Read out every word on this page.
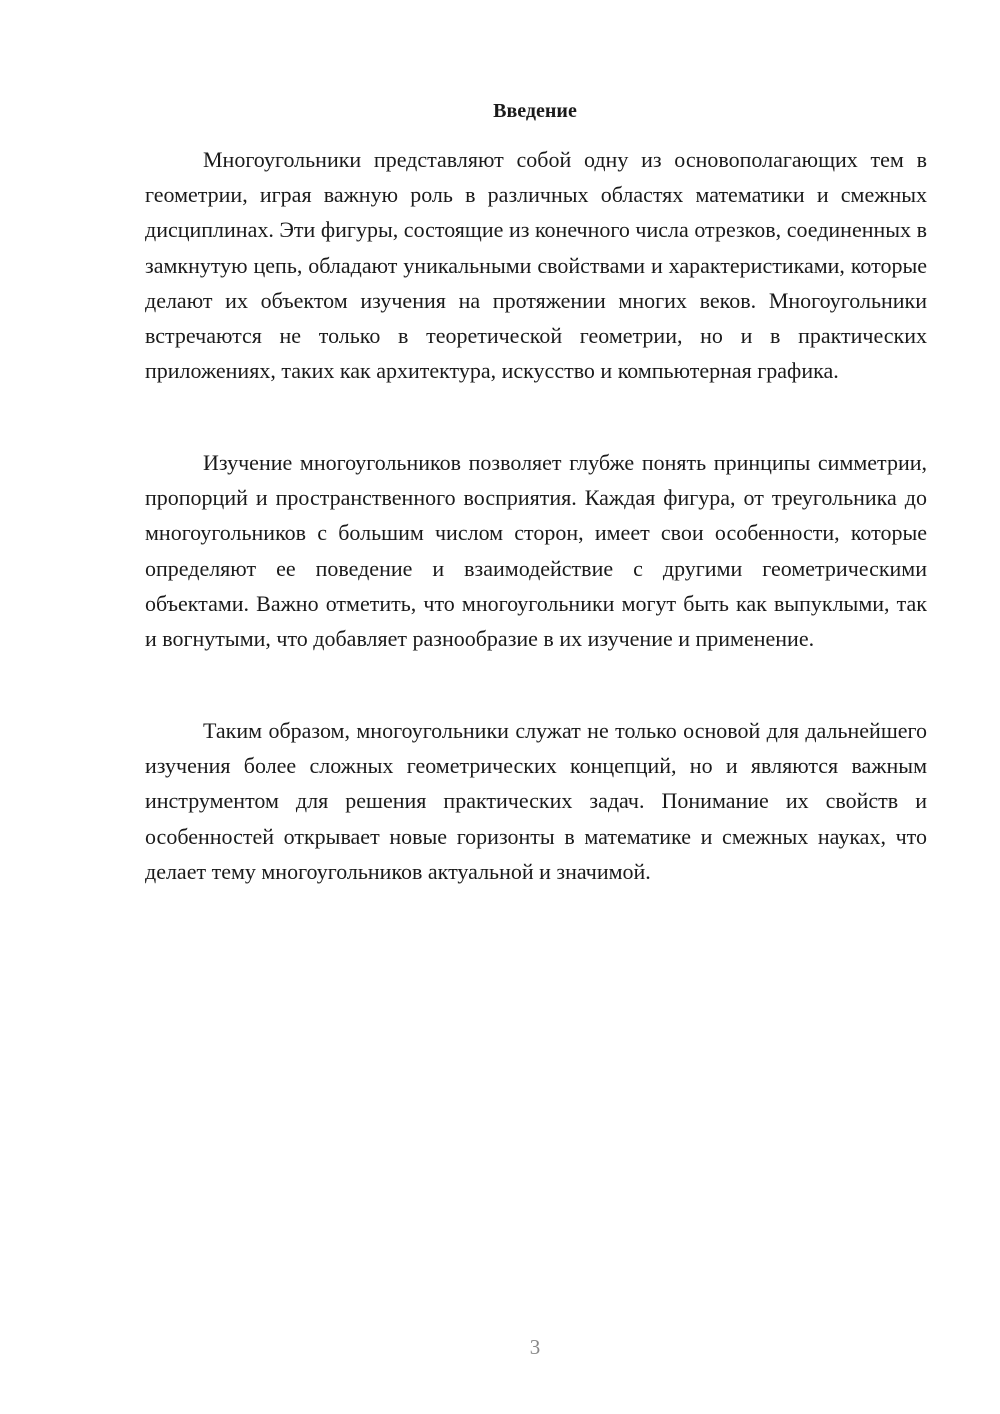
Введение

Многоугольники представляют собой одну из основополагающих тем в геометрии, играя важную роль в различных областях математики и смежных дисциплинах. Эти фигуры, состоящие из конечного числа отрезков, соединенных в замкнутую цепь, обладают уникальными свойствами и характеристиками, которые делают их объектом изучения на протяжении многих веков. Многоугольники встречаются не только в теоретической геометрии, но и в практических приложениях, таких как архитектура, искусство и компьютерная графика.

Изучение многоугольников позволяет глубже понять принципы симметрии, пропорций и пространственного восприятия. Каждая фигура, от треугольника до многоугольников с большим числом сторон, имеет свои особенности, которые определяют ее поведение и взаимодействие с другими геометрическими объектами. Важно отметить, что многоугольники могут быть как выпуклыми, так и вогнутыми, что добавляет разнообразие в их изучение и применение.

Таким образом, многоугольники служат не только основой для дальнейшего изучения более сложных геометрических концепций, но и являются важным инструментом для решения практических задач. Понимание их свойств и особенностей открывает новые горизонты в математике и смежных науках, что делает тему многоугольников актуальной и значимой.

3
